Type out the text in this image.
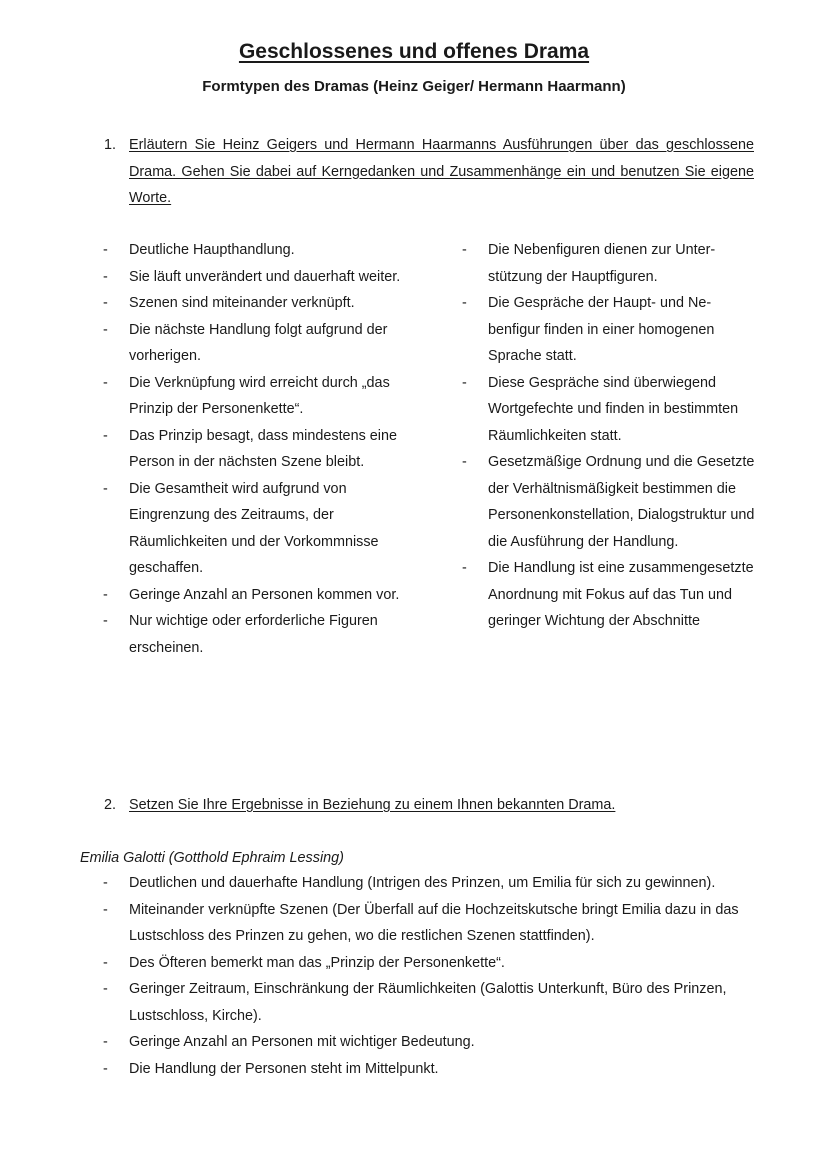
Geschlossenes und offenes Drama
Formtypen des Dramas (Heinz Geiger/ Hermann Haarmann)
1. Erläutern Sie Heinz Geigers und Hermann Haarmanns Ausführungen über das geschlossene Drama. Gehen Sie dabei auf Kerngedanken und Zusammenhänge ein und benutzen Sie eigene Worte.
- Deutliche Haupthandlung.
- Sie läuft unverändert und dauerhaft weiter.
- Szenen sind miteinander verknüpft.
- Die nächste Handlung folgt aufgrund der vorherigen.
- Die Verknüpfung wird erreicht durch „das Prinzip der Personenkette“.
- Das Prinzip besagt, dass mindestens eine Person in der nächsten Szene bleibt.
- Die Gesamtheit wird aufgrund von Eingrenzung des Zeitraums, der Räumlichkeiten und der Vorkommnisse geschaffen.
- Geringe Anzahl an Personen kommen vor.
- Nur wichtige oder erforderliche Figuren erscheinen.
- Die Nebenfiguren dienen zur Unterstützung der Hauptfiguren.
- Die Gespräche der Haupt- und Nebenfigur finden in einer homogenen Sprache statt.
- Diese Gespräche sind überwiegend Wortgefechte und finden in bestimmten Räumlichkeiten statt.
- Gesetzmäßige Ordnung und die Gesetzte der Verhältnismäßigkeit bestimmen die Personenkonstellation, Dialogstruktur und die Ausführung der Handlung.
- Die Handlung ist eine zusammengesetzte Anordnung mit Fokus auf das Tun und geringer Wichtung der Abschnitte
2. Setzen Sie Ihre Ergebnisse in Beziehung zu einem Ihnen bekannten Drama.
Emilia Galotti (Gotthold Ephraim Lessing)
- Deutlichen und dauerhafte Handlung (Intrigen des Prinzen, um Emilia für sich zu gewinnen).
- Miteinander verknüpfte Szenen (Der Überfall auf die Hochzeitskutsche bringt Emilia dazu in das Lustschloss des Prinzen zu gehen, wo die restlichen Szenen stattfinden).
- Des Öfteren bemerkt man das „Prinzip der Personenkette“.
- Geringer Zeitraum, Einschränkung der Räumlichkeiten (Galottis Unterkunft, Büro des Prinzen, Lustschloss, Kirche).
- Geringe Anzahl an Personen mit wichtiger Bedeutung.
- Die Handlung der Personen steht im Mittelpunkt.
